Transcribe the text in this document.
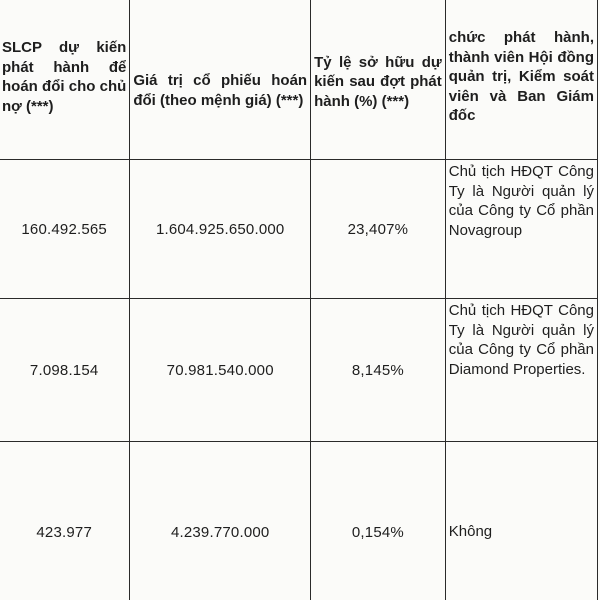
SLCP dự kiến phát hành để hoán đổi cho chủ nợ (***)	Giá trị cổ phiếu hoán đổi (theo mệnh giá) (***)	Tỷ lệ sở hữu dự kiến sau đợt phát hành (%) (***)	chức phát hành, thành viên Hội đồng quản trị, Kiểm soát viên và Ban Giám đốc

160.492.565	1.604.925.650.000	23,407%	Chủ tịch HĐQT Công Ty là Người quản lý của Công ty Cổ phần Novagroup
7.098.154	70.981.540.000	8,145%	Chủ tịch HĐQT Công Ty là Người quản lý của Công ty Cổ phần Diamond Properties.
423.977	4.239.770.000	0,154%	Không
